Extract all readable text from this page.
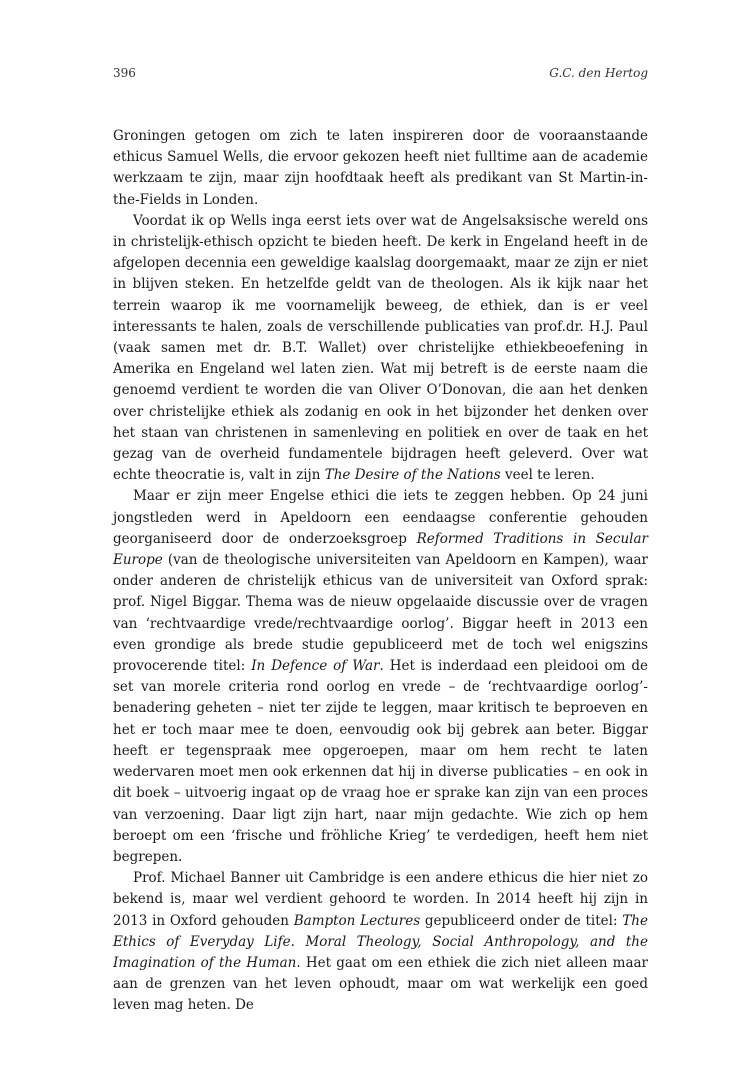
396	G.C. den Hertog

Groningen getogen om zich te laten inspireren door de vooraanstaande ethicus Samuel Wells, die ervoor gekozen heeft niet fulltime aan de academie werkzaam te zijn, maar zijn hoofdtaak heeft als predikant van St Martin-in-the-Fields in Londen.

Voordat ik op Wells inga eerst iets over wat de Angelsaksische wereld ons in christelijk-ethisch opzicht te bieden heeft. De kerk in Engeland heeft in de afgelopen decennia een geweldige kaalslag doorgemaakt, maar ze zijn er niet in blijven steken. En hetzelfde geldt van de theologen. Als ik kijk naar het terrein waarop ik me voornamelijk beweeg, de ethiek, dan is er veel interessants te halen, zoals de verschillende publicaties van prof.dr. H.J. Paul (vaak samen met dr. B.T. Wallet) over christelijke ethiekbeoefening in Amerika en Engeland wel laten zien. Wat mij betreft is de eerste naam die genoemd verdient te worden die van Oliver O’Donovan, die aan het denken over christelijke ethiek als zodanig en ook in het bijzonder het denken over het staan van christenen in samenleving en politiek en over de taak en het gezag van de overheid fundamentele bijdragen heeft geleverd. Over wat echte theocratie is, valt in zijn The Desire of the Nations veel te leren.

Maar er zijn meer Engelse ethici die iets te zeggen hebben. Op 24 juni jongstleden werd in Apeldoorn een eendaagse conferentie gehouden georganiseerd door de onderzoeksgroep Reformed Traditions in Secular Europe (van de theologische universiteiten van Apeldoorn en Kampen), waar onder anderen de christelijk ethicus van de universiteit van Oxford sprak: prof. Nigel Biggar. Thema was de nieuw opgelaaide discussie over de vragen van ‘rechtvaardige vrede/rechtvaardige oorlog’. Biggar heeft in 2013 een even grondige als brede studie gepubliceerd met de toch wel enigszins provocerende titel: In Defence of War. Het is inderdaad een pleidooi om de set van morele criteria rond oorlog en vrede – de ‘rechtvaardige oorlog’-benadering geheten – niet ter zijde te leggen, maar kritisch te beproeven en het er toch maar mee te doen, eenvoudig ook bij gebrek aan beter. Biggar heeft er tegenspraak mee opgeroepen, maar om hem recht te laten wedervaren moet men ook erkennen dat hij in diverse publicaties – en ook in dit boek – uitvoerig ingaat op de vraag hoe er sprake kan zijn van een proces van verzoening. Daar ligt zijn hart, naar mijn gedachte. Wie zich op hem beroept om een ‘frische und fröhliche Krieg’ te verdedigen, heeft hem niet begrepen.

Prof. Michael Banner uit Cambridge is een andere ethicus die hier niet zo bekend is, maar wel verdient gehoord te worden. In 2014 heeft hij zijn in 2013 in Oxford gehouden Bampton Lectures gepubliceerd onder de titel: The Ethics of Everyday Life. Moral Theology, Social Anthropology, and the Imagination of the Human. Het gaat om een ethiek die zich niet alleen maar aan de grenzen van het leven ophoudt, maar om wat werkelijk een goed leven mag heten. De
